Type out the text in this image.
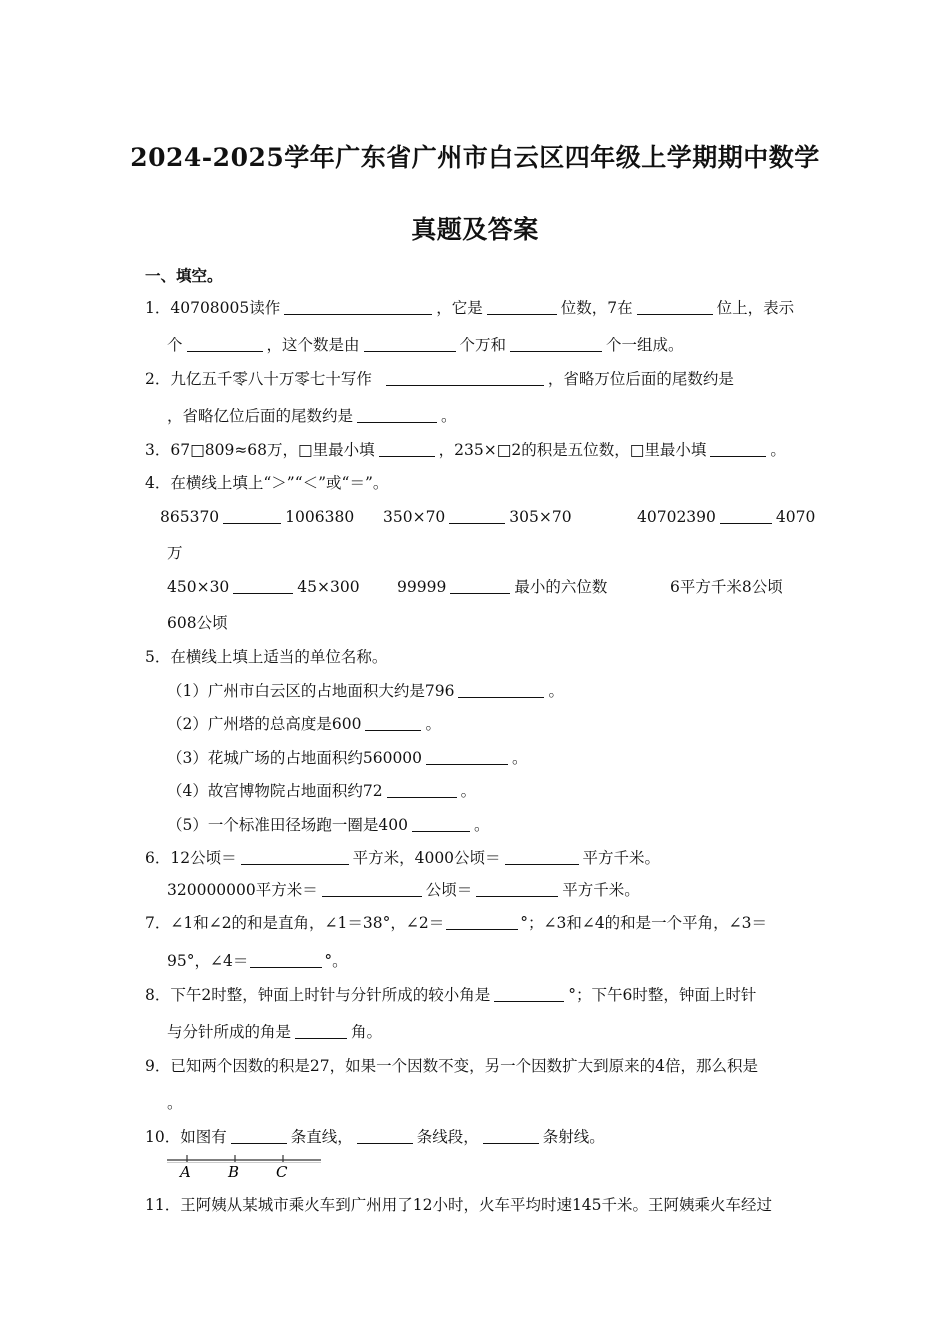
2024-2025学年广东省广州市白云区四年级上学期期中数学
真题及答案
一、填空。
1．40708005读作	，它是	位数，7在	位上，表示
个	，这个数是由	个万和	个一组成。
2．九亿五千零八十万零七十写作	，省略万位后面的尾数约是
，省略亿位后面的尾数约是	。
3．67□809≈68万，□里最小填	，235×□2的积是五位数，□里最小填	。
4．在横线上填上“＞”“＜”或“＝”。
865370	1006380 350×70	305×70	40702390	4070
万
450×30	45×300 99999	最小的六位数	6平方千米8公顷
608公顷
5．在横线上填上适当的单位名称。
（1）广州市白云区的占地面积大约是796	。
（2）广州塔的总高度是600	。
（3）花城广场的占地面积约560000	。
（4）故宫博物院占地面积约72	。
（5）一个标准田径场跑一圈是400	。
6．12公顷＝	平方米，4000公顷＝	平方千米。
320000000平方米＝	公顷＝	平方千米。
7．∠1和∠2的和是直角，∠1＝38°，∠2＝	°；∠3和∠4的和是一个平角，∠3＝
95°，∠4＝	°。
8．下午2时整，钟面上时针与分针所成的较小角是	°；下午6时整，钟面上时针
与分针所成的角是	角。
9．已知两个因数的积是27，如果一个因数不变，另一个因数扩大到原来的4倍，那么积是
。
10．如图有	条直线，	条线段，	条射线。
A B C
11．王阿姨从某城市乘火车到广州用了12小时，火车平均时速145千米。王阿姨乘火车经过
